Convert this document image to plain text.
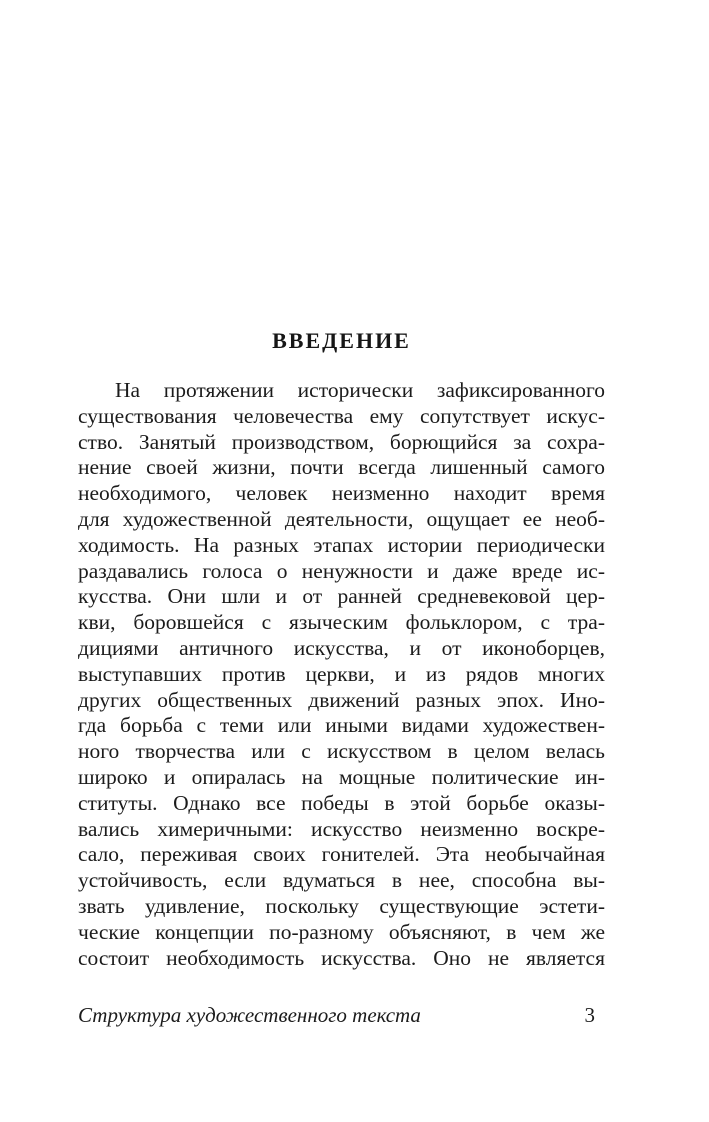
ВВЕДЕНИЕ
На протяжении исторически зафиксированного
существования человечества ему сопутствует искус-
ство. Занятый производством, борющийся за сохра-
нение своей жизни, почти всегда лишенный самого
необходимого, человек неизменно находит время
для художественной деятельности, ощущает ее необ-
ходимость. На разных этапах истории периодически
раздавались голоса о ненужности и даже вреде ис-
кусства. Они шли и от ранней средневековой цер-
кви, боровшейся с языческим фольклором, с тра-
дициями античного искусства, и от иконоборцев,
выступавших против церкви, и из рядов многих
других общественных движений разных эпох. Ино-
гда борьба с теми или иными видами художествен-
ного творчества или с искусством в целом велась
широко и опиралась на мощные политические ин-
ституты. Однако все победы в этой борьбе оказы-
вались химеричными: искусство неизменно воскре-
сало, переживая своих гонителей. Эта необычайная
устойчивость, если вдуматься в нее, способна вы-
звать удивление, поскольку существующие эстети-
ческие концепции по-разному объясняют, в чем же
состоит необходимость искусства. Оно не является
Структура художественного текста	3
